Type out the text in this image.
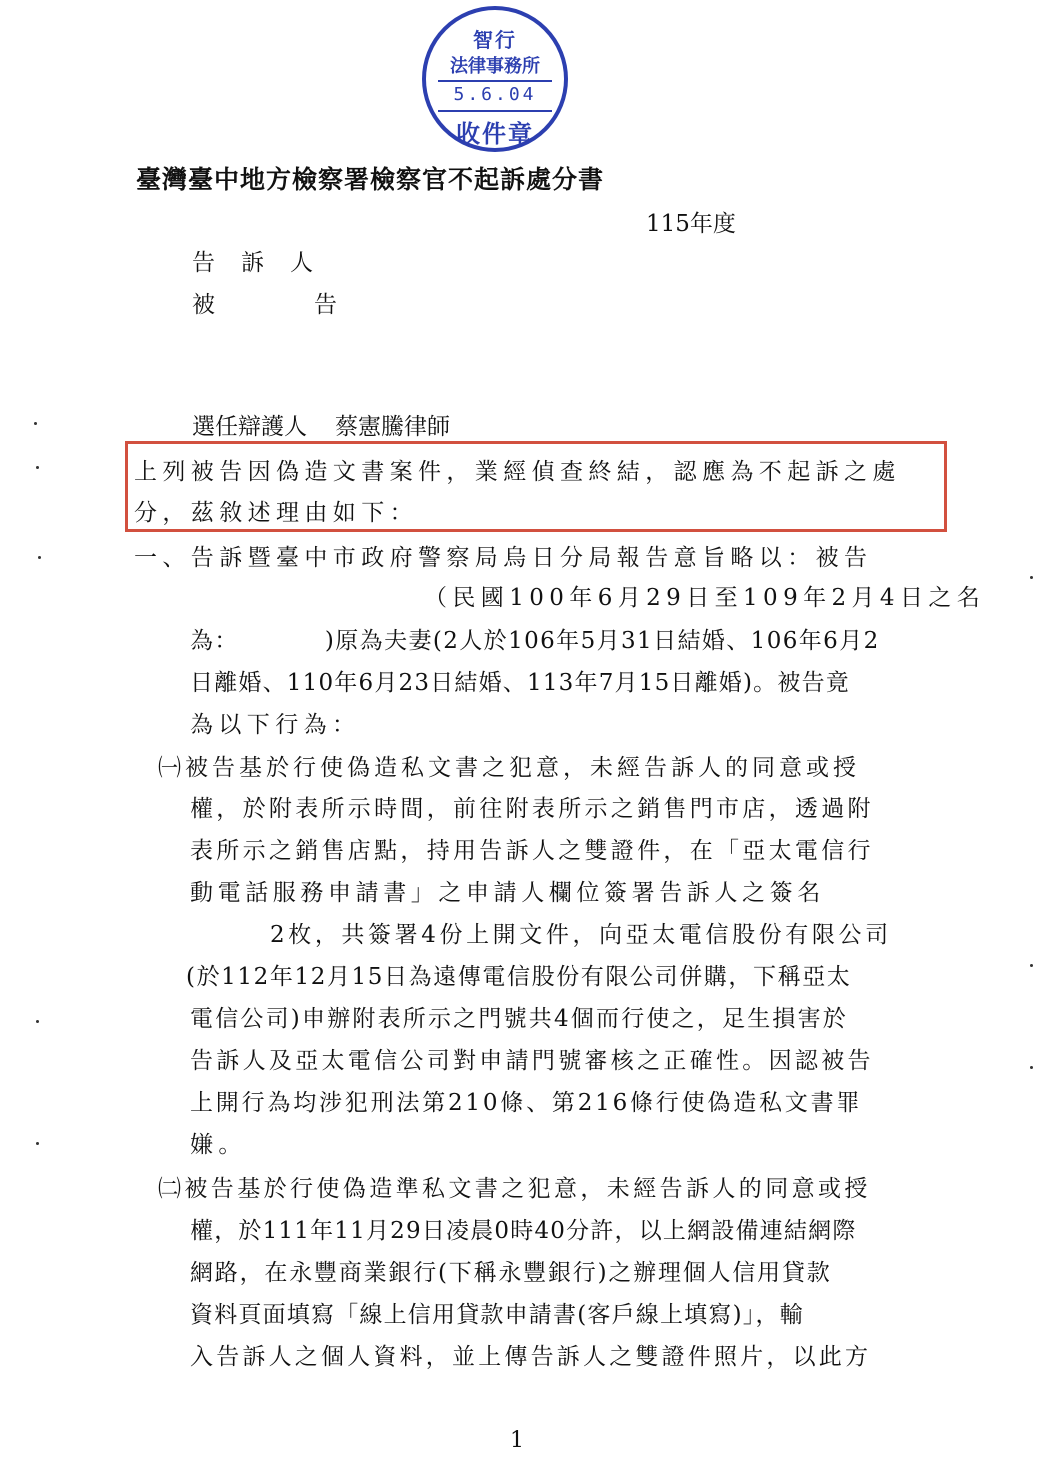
智行
法律事務所
5.6.04
收件章
臺灣臺中地方檢察署檢察官不起訴處分書
115年度
告訴人
被	告
選任辯護人 蔡憲騰律師
上列被告因偽造文書案件，業經偵查終結，認應為不起訴之處
分，茲敘述理由如下：
一、告訴暨臺中市政府警察局烏日分局報告意旨略以：被告
（民國100年6月29日至109年2月4日之名
為：　　　　)原為夫妻(2人於106年5月31日結婚、106年6月2
日離婚、110年6月23日結婚、113年7月15日離婚)。被告竟
為以下行為：
㈠被告基於行使偽造私文書之犯意，未經告訴人的同意或授
權，於附表所示時間，前往附表所示之銷售門市店，透過附
表所示之銷售店點，持用告訴人之雙證件，在「亞太電信行
動電話服務申請書」之申請人欄位簽署告訴人之簽名
2枚，共簽署4份上開文件，向亞太電信股份有限公司
(於112年12月15日為遠傳電信股份有限公司併購，下稱亞太
電信公司)申辦附表所示之門號共4個而行使之，足生損害於
告訴人及亞太電信公司對申請門號審核之正確性。因認被告
上開行為均涉犯刑法第210條、第216條行使偽造私文書罪
嫌。
㈡被告基於行使偽造準私文書之犯意，未經告訴人的同意或授
權，於111年11月29日凌晨0時40分許，以上網設備連結網際
網路，在永豐商業銀行(下稱永豐銀行)之辦理個人信用貸款
資料頁面填寫「線上信用貸款申請書(客戶線上填寫)」，輸
入告訴人之個人資料，並上傳告訴人之雙證件照片，以此方
1
